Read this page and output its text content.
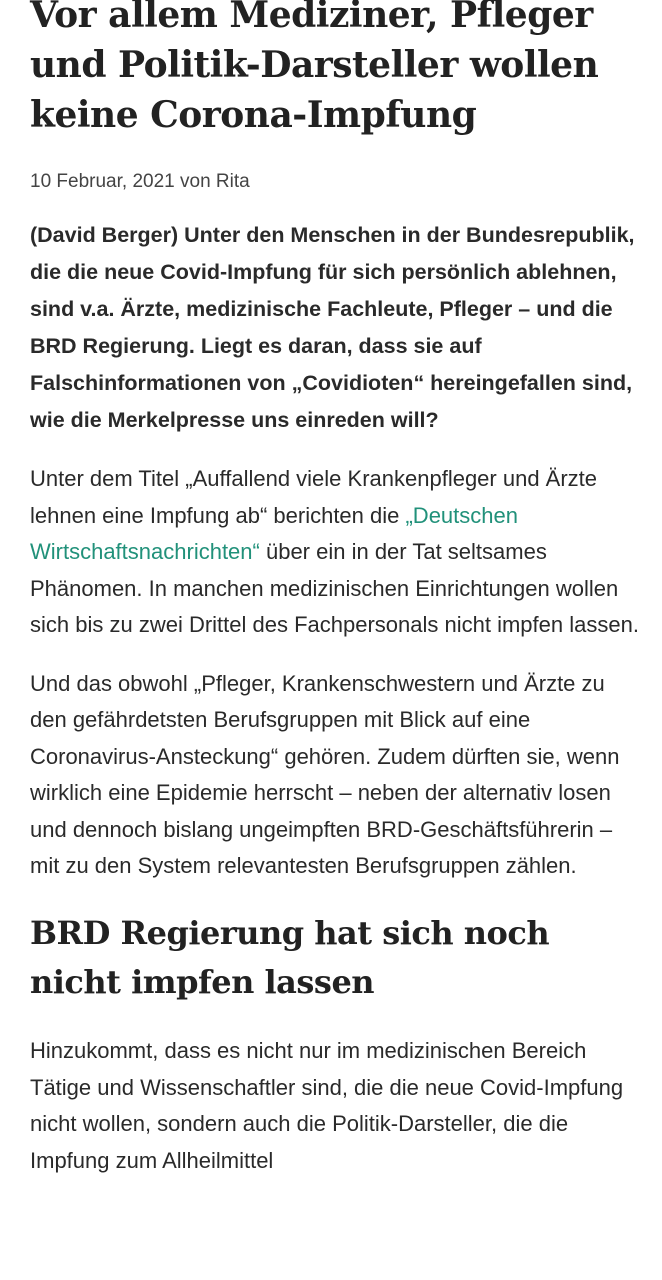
Vor allem Mediziner, Pfleger und Politik-Darsteller wollen keine Corona-Impfung
10 Februar, 2021 von Rita

(David Berger) Unter den Menschen in der Bundesrepublik, die die neue Covid-Impfung für sich persönlich ablehnen, sind v.a. Ärzte, medizinische Fachleute, Pfleger – und die BRD Regierung. Liegt es daran, dass sie auf Falschinformationen von „Covidioten“ hereingefallen sind, wie die Merkelpresse uns einreden will?

Unter dem Titel „Auffallend viele Krankenpfleger und Ärzte lehnen eine Impfung ab“ berichten die „Deutschen Wirtschaftsnachrichten“ über ein in der Tat seltsames Phänomen. In manchen medizinischen Einrichtungen wollen sich bis zu zwei Drittel des Fachpersonals nicht impfen lassen.

Und das obwohl „Pfleger, Krankenschwestern und Ärzte zu den gefährdetsten Berufsgruppen mit Blick auf eine Coronavirus-Ansteckung“ gehören. Zudem dürften sie, wenn wirklich eine Epidemie herrscht – neben der alternativ losen und dennoch bislang ungeimpften BRD-Geschäftsführerin – mit zu den System relevantesten Berufsgruppen zählen.

BRD Regierung hat sich noch nicht impfen lassen

Hinzukommt, dass es nicht nur im medizinischen Bereich Tätige und Wissenschaftler sind, die die neue Covid-Impfung nicht wollen, sondern auch die Politik-Darsteller, die die Impfung zum Allheilmittel
